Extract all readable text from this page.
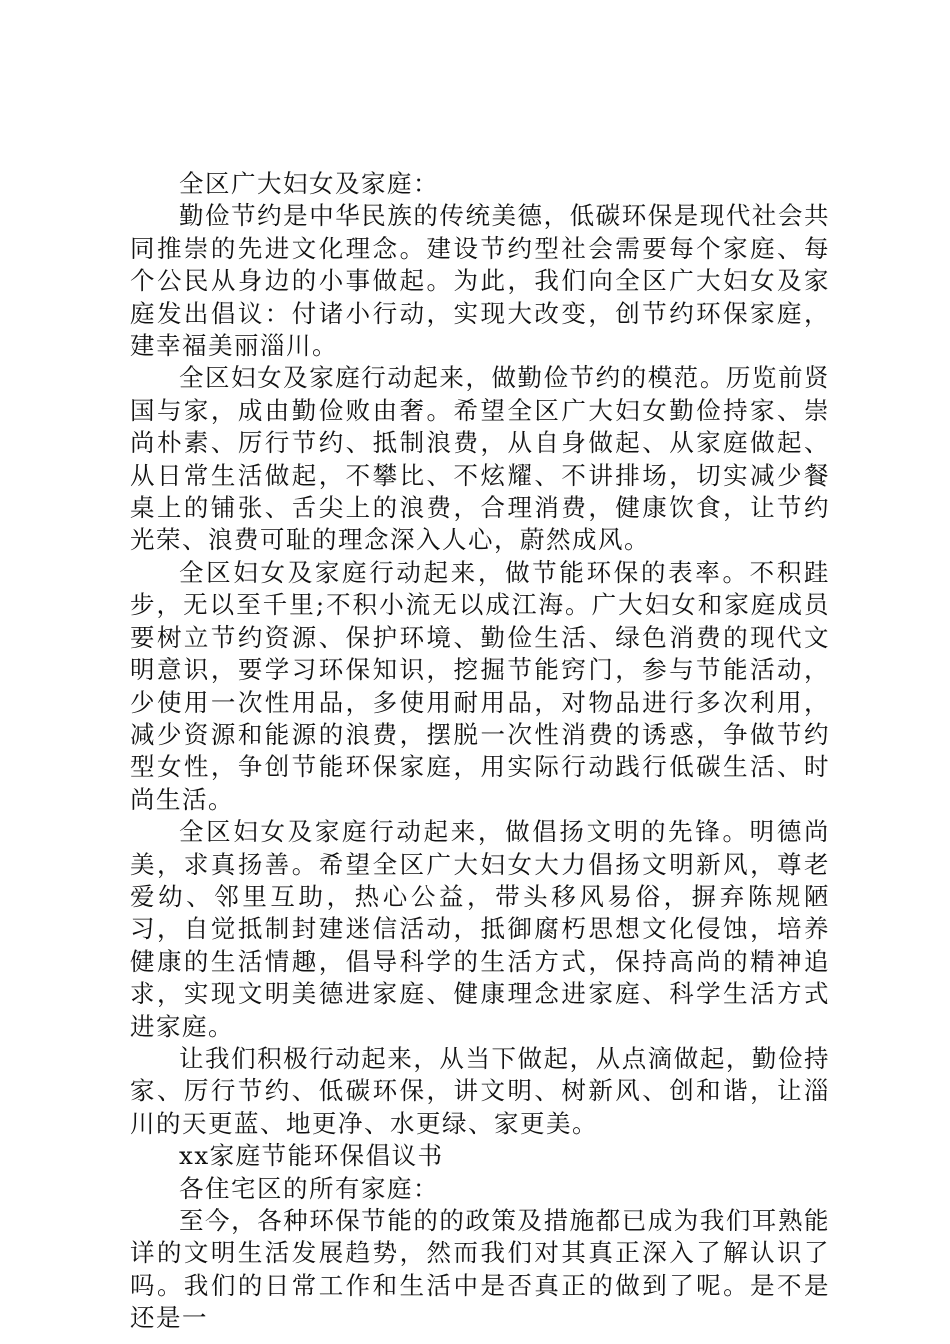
全区广大妇女及家庭：

勤俭节约是中华民族的传统美德，低碳环保是现代社会共同推崇的先进文化理念。建设节约型社会需要每个家庭、每个公民从身边的小事做起。为此，我们向全区广大妇女及家庭发出倡议：付诸小行动，实现大改变，创节约环保家庭，建幸福美丽淄川。

全区妇女及家庭行动起来，做勤俭节约的模范。历览前贤国与家，成由勤俭败由奢。希望全区广大妇女勤俭持家、崇尚朴素、厉行节约、抵制浪费，从自身做起、从家庭做起、从日常生活做起，不攀比、不炫耀、不讲排场，切实减少餐桌上的铺张、舌尖上的浪费，合理消费，健康饮食，让节约光荣、浪费可耻的理念深入人心，蔚然成风。

全区妇女及家庭行动起来，做节能环保的表率。不积跬步，无以至千里;不积小流无以成江海。广大妇女和家庭成员要树立节约资源、保护环境、勤俭生活、绿色消费的现代文明意识，要学习环保知识，挖掘节能窍门，参与节能活动，少使用一次性用品，多使用耐用品，对物品进行多次利用，减少资源和能源的浪费，摆脱一次性消费的诱惑，争做节约型女性，争创节能环保家庭，用实际行动践行低碳生活、时尚生活。

全区妇女及家庭行动起来，做倡扬文明的先锋。明德尚美，求真扬善。希望全区广大妇女大力倡扬文明新风，尊老爱幼、邻里互助，热心公益，带头移风易俗，摒弃陈规陋习，自觉抵制封建迷信活动，抵御腐朽思想文化侵蚀，培养健康的生活情趣，倡导科学的生活方式，保持高尚的精神追求，实现文明美德进家庭、健康理念进家庭、科学生活方式进家庭。

让我们积极行动起来，从当下做起，从点滴做起，勤俭持家、厉行节约、低碳环保，讲文明、树新风、创和谐，让淄川的天更蓝、地更净、水更绿、家更美。

xx家庭节能环保倡议书

各住宅区的所有家庭：

至今，各种环保节能的的政策及措施都已成为我们耳熟能详的文明生活发展趋势，然而我们对其真正深入了解认识了吗。我们的日常工作和生活中是否真正的做到了呢。是不是还是一
